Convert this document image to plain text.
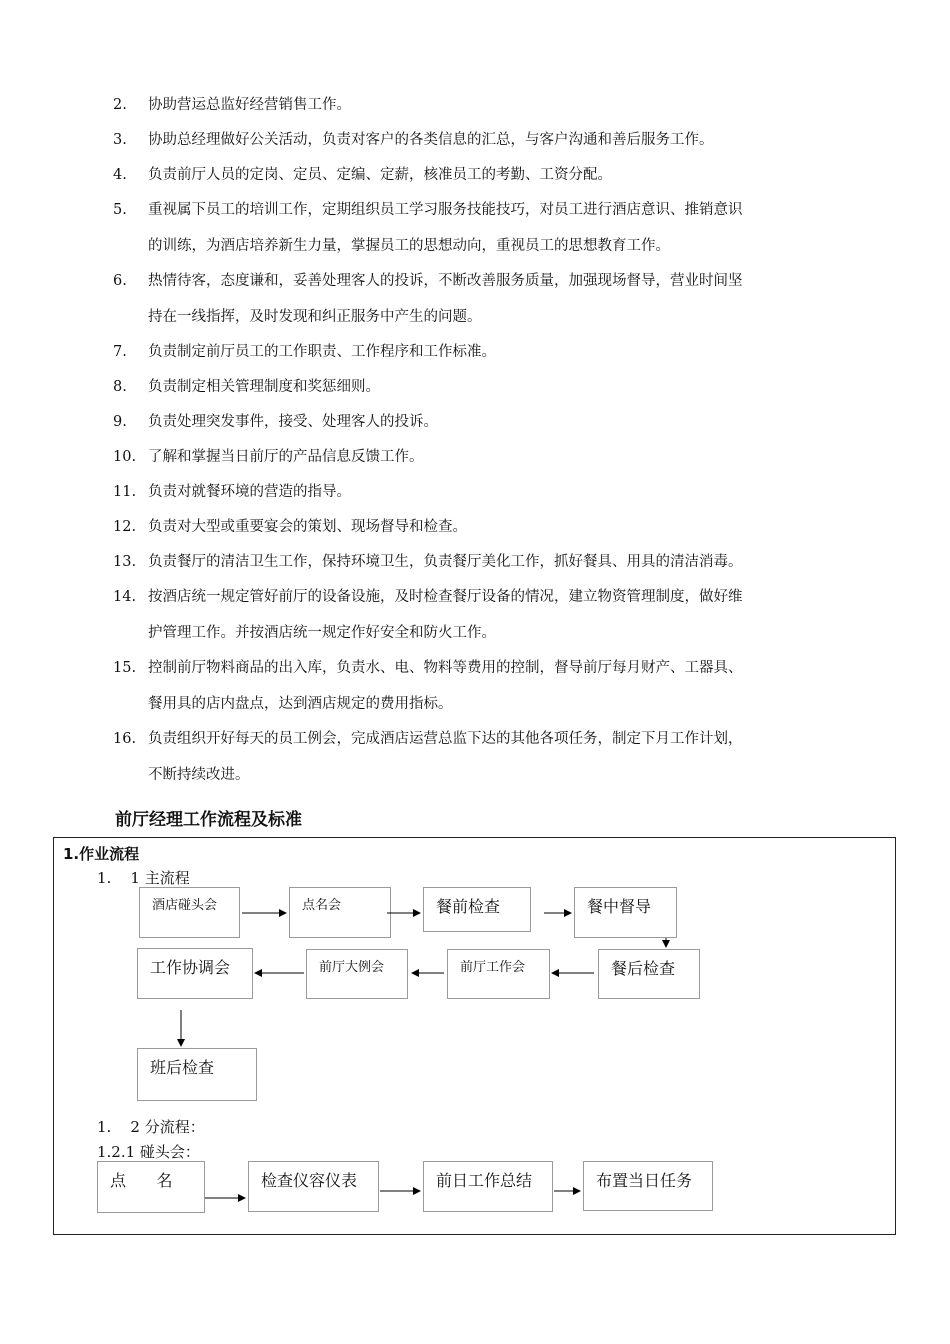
2.	协助营运总监好经营销售工作。
3.	协助总经理做好公关活动，负责对客户的各类信息的汇总，与客户沟通和善后服务工作。
4.	负责前厅人员的定岗、定员、定编、定薪，核准员工的考勤、工资分配。
5.	重视属下员工的培训工作，定期组织员工学习服务技能技巧，对员工进行酒店意识、推销意识
的训练，为酒店培养新生力量，掌握员工的思想动向，重视员工的思想教育工作。
6.	热情待客，态度谦和，妥善处理客人的投诉，不断改善服务质量，加强现场督导，营业时间坚
持在一线指挥，及时发现和纠正服务中产生的问题。
7.	负责制定前厅员工的工作职责、工作程序和工作标准。
8.	负责制定相关管理制度和奖惩细则。
9.	负责处理突发事件，接受、处理客人的投诉。
10. 了解和掌握当日前厅的产品信息反馈工作。
11. 负责对就餐环境的营造的指导。
12. 负责对大型或重要宴会的策划、现场督导和检查。
13. 负责餐厅的清洁卫生工作，保持环境卫生，负责餐厅美化工作，抓好餐具、用具的清洁消毒。
14. 按酒店统一规定管好前厅的设备设施，及时检查餐厅设备的情况，建立物资管理制度，做好维
护管理工作。并按酒店统一规定作好安全和防火工作。
15. 控制前厅物料商品的出入库，负责水、电、物料等费用的控制，督导前厅每月财产、工器具、
餐用具的店内盘点，达到酒店规定的费用指标。
16. 负责组织开好每天的员工例会，完成酒店运营总监下达的其他各项任务，制定下月工作计划，
不断持续改进。
前厅经理工作流程及标准
1.作业流程
1.    1 主流程
酒店碰头会	点名会	餐前检查	餐中督导
餐后检查
前厅工作会
前厅大例会
工作协调会
班后检查
1.    2 分流程：
1.2.1 碰头会：
点      名	检查仪容仪表	前日工作总结	布置当日任务
